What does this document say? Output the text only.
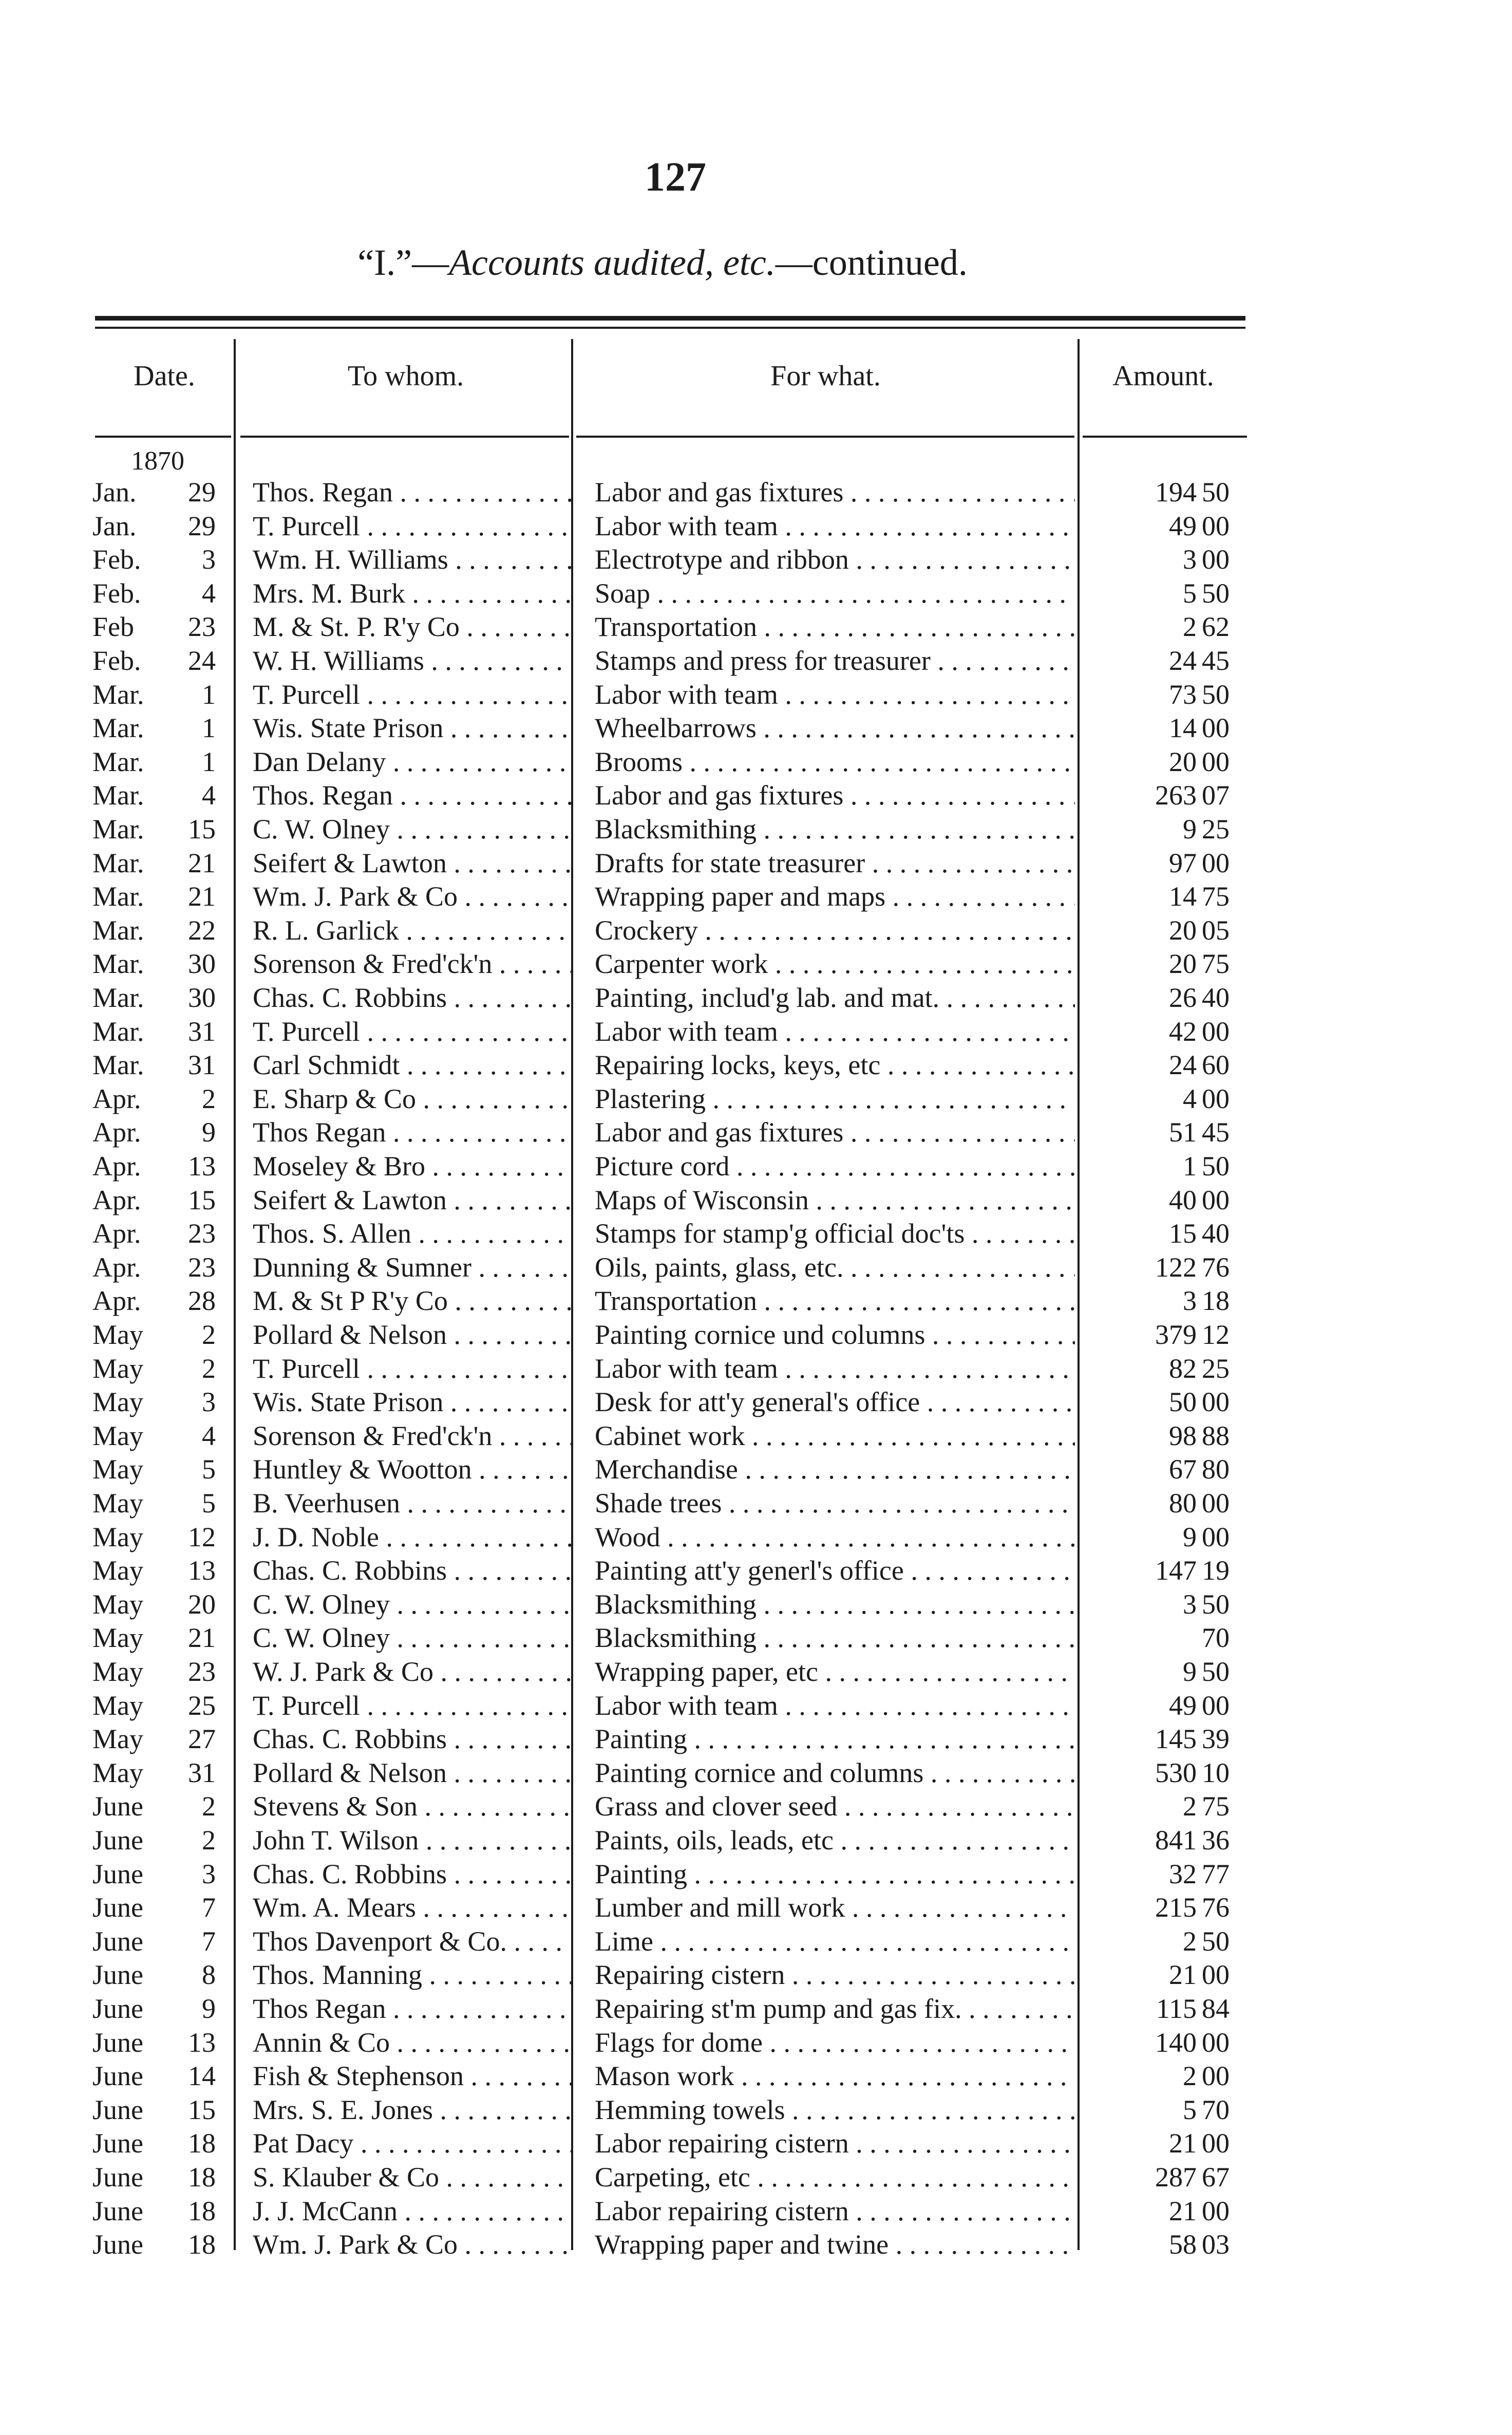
127
“I.”—Accounts audited, etc.—continued.
Date.	To whom.	For what.	Amount.
1870
Jan.	29 Thos. Regan . . .	Labor and gas fixtures . . .	194 50
Jan.	29 T. Purcell . . .	Labor with team . . .	49 00
Feb.	3 Wm. H. Williams . . .	Electrotype and ribbon . . .	3 00
Feb.	4 Mrs. M. Burk . . .	Soap . . .	5 50
Feb	23 M. & St. P. R'y Co . . .	Transportation . . .	2 62
Feb.	24 W. H. Williams . . .	Stamps and press for treasurer . . .	24 45
Mar.	1 T. Purcell . . .	Labor with team . . .	73 50
Mar.	1 Wis. State Prison . . .	Wheelbarrows . . .	14 00
Mar.	1 Dan Delany . . .	Brooms . . .	20 00
Mar.	4 Thos. Regan . . .	Labor and gas fixtures . . .	263 07
Mar.	15 C. W. Olney . . .	Blacksmithing . . .	9 25
Mar.	21 Seifert & Lawton . . .	Drafts for state treasurer . . .	97 00
Mar.	21 Wm. J. Park & Co . . .	Wrapping paper and maps . . .	14 75
Mar.	22 R. L. Garlick . . .	Crockery . . .	20 05
Mar.	30 Sorenson & Fred'ck'n . . .	Carpenter work . . .	20 75
Mar.	30 Chas. C. Robbins . . .	Painting, includ'g lab. and mat. . . .	26 40
Mar.	31 T. Purcell . . .	Labor with team . . .	42 00
Mar.	31 Carl Schmidt . . .	Repairing locks, keys, etc . . .	24 60
Apr.	2 E. Sharp & Co . . .	Plastering . . .	4 00
Apr.	9 Thos Regan . . .	Labor and gas fixtures . . .	51 45
Apr.	13 Moseley & Bro . . .	Picture cord . . .	1 50
Apr.	15 Seifert & Lawton . . .	Maps of Wisconsin . . .	40 00
Apr.	23 Thos. S. Allen . . .	Stamps for stamp'g official doc'ts . . .	15 40
Apr.	23 Dunning & Sumner . . .	Oils, paints, glass, etc. . . .	122 76
Apr.	28 M. & St P R'y Co . . .	Transportation . . .	3 18
May	2 Pollard & Nelson . . .	Painting cornice und columns . . .	379 12
May	2 T. Purcell . . .	Labor with team . . .	82 25
May	3 Wis. State Prison . . .	Desk for att'y general's office . . .	50 00
May	4 Sorenson & Fred'ck'n . . .	Cabinet work . . .	98 88
May	5 Huntley & Wootton . . .	Merchandise . . .	67 80
May	5 B. Veerhusen . . .	Shade trees . . .	80 00
May	12 J. D. Noble . . .	Wood . . .	9 00
May	13 Chas. C. Robbins . . .	Painting att'y generl's office . . .	147 19
May	20 C. W. Olney . . .	Blacksmithing . . .	3 50
May	21 C. W. Olney . . .	Blacksmithing . . .	70
May	23 W. J. Park & Co . . .	Wrapping paper, etc . . .	9 50
May	25 T. Purcell . . .	Labor with team . . .	49 00
May	27 Chas. C. Robbins . . .	Painting . . .	145 39
May	31 Pollard & Nelson . . .	Painting cornice and columns . . .	530 10
June	2 Stevens & Son . . .	Grass and clover seed . . .	2 75
June	2 John T. Wilson . . .	Paints, oils, leads, etc . . .	841 36
June	3 Chas. C. Robbins . . .	Painting . . .	32 77
June	7 Wm. A. Mears . . .	Lumber and mill work . . .	215 76
June	7 Thos Davenport & Co. . . .	Lime . . .	2 50
June	8 Thos. Manning . . .	Repairing cistern . . .	21 00
June	9 Thos Regan . . .	Repairing st'm pump and gas fix. . . .	115 84
June	13 Annin & Co . . .	Flags for dome . . .	140 00
June	14 Fish & Stephenson . . .	Mason work . . .	2 00
June	15 Mrs. S. E. Jones . . .	Hemming towels . . .	5 70
June	18 Pat Dacy . . .	Labor repairing cistern . . .	21 00
June	18 S. Klauber & Co . . .	Carpeting, etc . . .	287 67
June	18 J. J. McCann . . .	Labor repairing cistern . . .	21 00
June	18 Wm. J. Park & Co . . .	Wrapping paper and twine . . .	58 03
